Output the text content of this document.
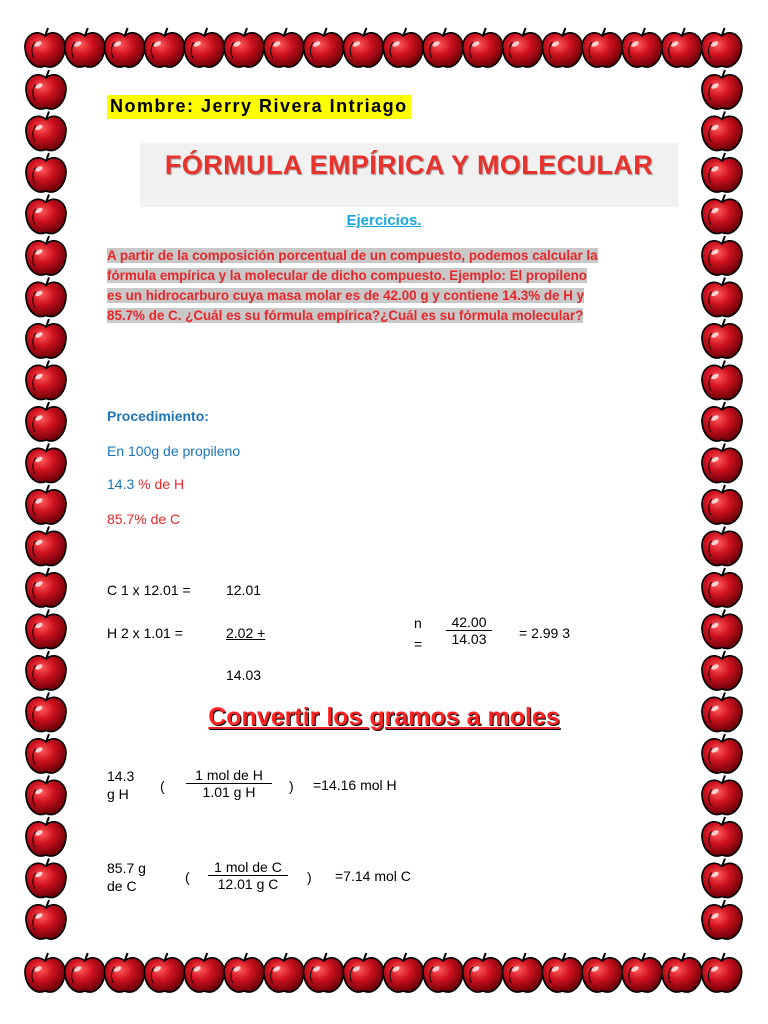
Nombre: Jerry Rivera Intriago
FÓRMULA EMPÍRICA Y MOLECULAR
Ejercicios.
A partir de la composición porcentual de un compuesto, podemos calcular la
fórmula empírica y la molecular de dicho compuesto. Ejemplo: El propileno
es un hidrocarburo cuya masa molar es de 42.00 g y contiene 14.3% de H y
85.7% de C. ¿Cuál es su fórmula empírica?¿Cuál es su fórmula molecular?
Procedimiento:
En 100g de propileno
14.3 % de H
85.7% de C
C 1 x 12.01 =	12.01
H 2 x 1.01 =	2.02 +
14.03
n
= $\frac{42.00}{14.03} = 2.99$ 3
Convertir los gramos a moles
14.3
g H	(
1 mol de H
1.01 g H	) =14.16 mol H
85.7 g
de C
(
1 mol de C
12.01 g C	) =7.14 mol C
